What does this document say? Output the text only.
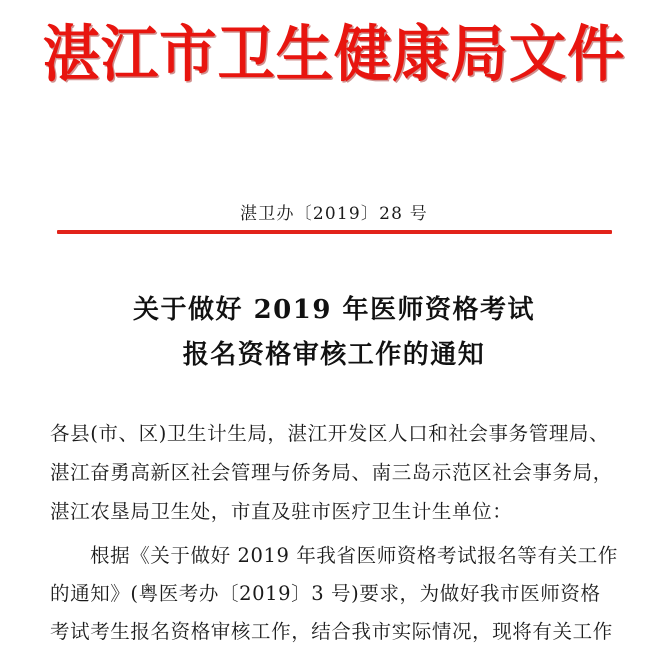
湛江市卫生健康局文件
湛卫办〔2019〕28 号
关于做好 2019 年医师资格考试
报名资格审核工作的通知
各县(市、区)卫生计生局，湛江开发区人口和社会事务管理局、
湛江奋勇高新区社会管理与侨务局、南三岛示范区社会事务局，
湛江农垦局卫生处，市直及驻市医疗卫生计生单位：
根据《关于做好 2019 年我省医师资格考试报名等有关工作
的通知》(粤医考办〔2019〕3 号)要求，为做好我市医师资格
考试考生报名资格审核工作，结合我市实际情况，现将有关工作
